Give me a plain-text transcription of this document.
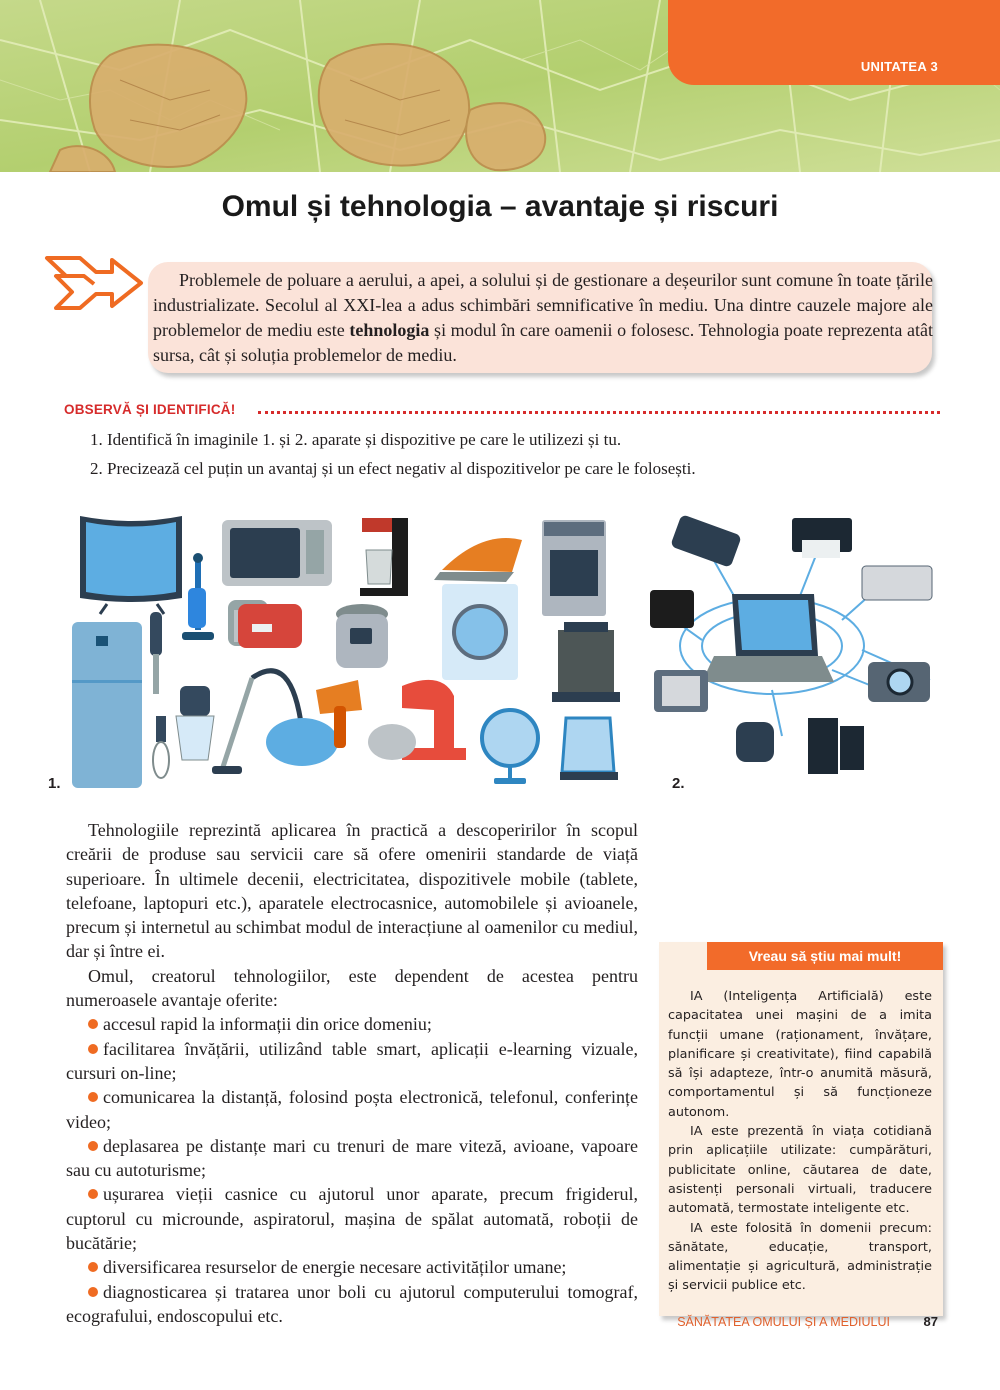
UNITATEA 3
Omul și tehnologia – avantaje și riscuri

Problemele de poluare a aerului, a apei, a solului și de gestionare a deșeurilor sunt comune în toate țările industrializate. Secolul al XXI-lea a adus schimbări semnificative în mediu. Una dintre cauzele majore ale problemelor de mediu este tehnologia și modul în care oamenii o folosesc. Tehnologia poate reprezenta atât sursa, cât și soluția problemelor de mediu.

OBSERVĂ ȘI IDENTIFICĂ!

1. Identifică în imaginile 1. și 2. aparate și dispozitive pe care le utilizezi și tu.

2. Precizează cel puțin un avantaj și un efect negativ al dispozitivelor pe care le folosești.

1.	2.

Tehnologiile reprezintă aplicarea în practică a descoperirilor în scopul creării de produse sau servicii care să ofere omenirii standarde de viață superioare. În ultimele decenii, electricitatea, dispozitivele mobile (tablete, telefoane, laptopuri etc.), aparatele electrocasnice, automobilele și avioanele, precum și internetul au schimbat modul de interacțiune al oamenilor cu mediul, dar și între ei.

Omul, creatorul tehnologiilor, este dependent de acestea pentru numeroasele avantaje oferite:

accesul rapid la informații din orice domeniu;

facilitarea învățării, utilizând table smart, aplicații e-learning vizuale, cursuri on-line;

comunicarea la distanță, folosind poșta electronică, telefonul, conferințe video;

deplasarea pe distanțe mari cu trenuri de mare viteză, avioane, vapoare sau cu autoturisme;

ușurarea vieții casnice cu ajutorul unor aparate, precum frigiderul, cuptorul cu microunde, aspiratorul, mașina de spălat automată, roboții de bucătărie;

diversificarea resurselor de energie necesare activităților umane;

diagnosticarea și tratarea unor boli cu ajutorul computerului tomograf, ecografului, endoscopului etc.

Vreau să știu mai mult!

IA (Inteligența Artificială) este capacitatea unei mașini de a imita funcții umane (raționament, învățare, planificare și creativitate), fiind capabilă să își adapteze, într-o anumită măsură, comportamentul și să funcționeze autonom.

IA este prezentă în viața cotidiană prin aplicațiile utilizate: cumpărături, publicitate online, căutarea de date, asistenți personali virtuali, traducere automată, termostate inteligente etc.

IA este folosită în domenii precum: sănătate, educație, transport, alimentație și agricultură, administrație și servicii publice etc.

SĂNĂTATEA OMULUI ȘI A MEDIULUI	87
